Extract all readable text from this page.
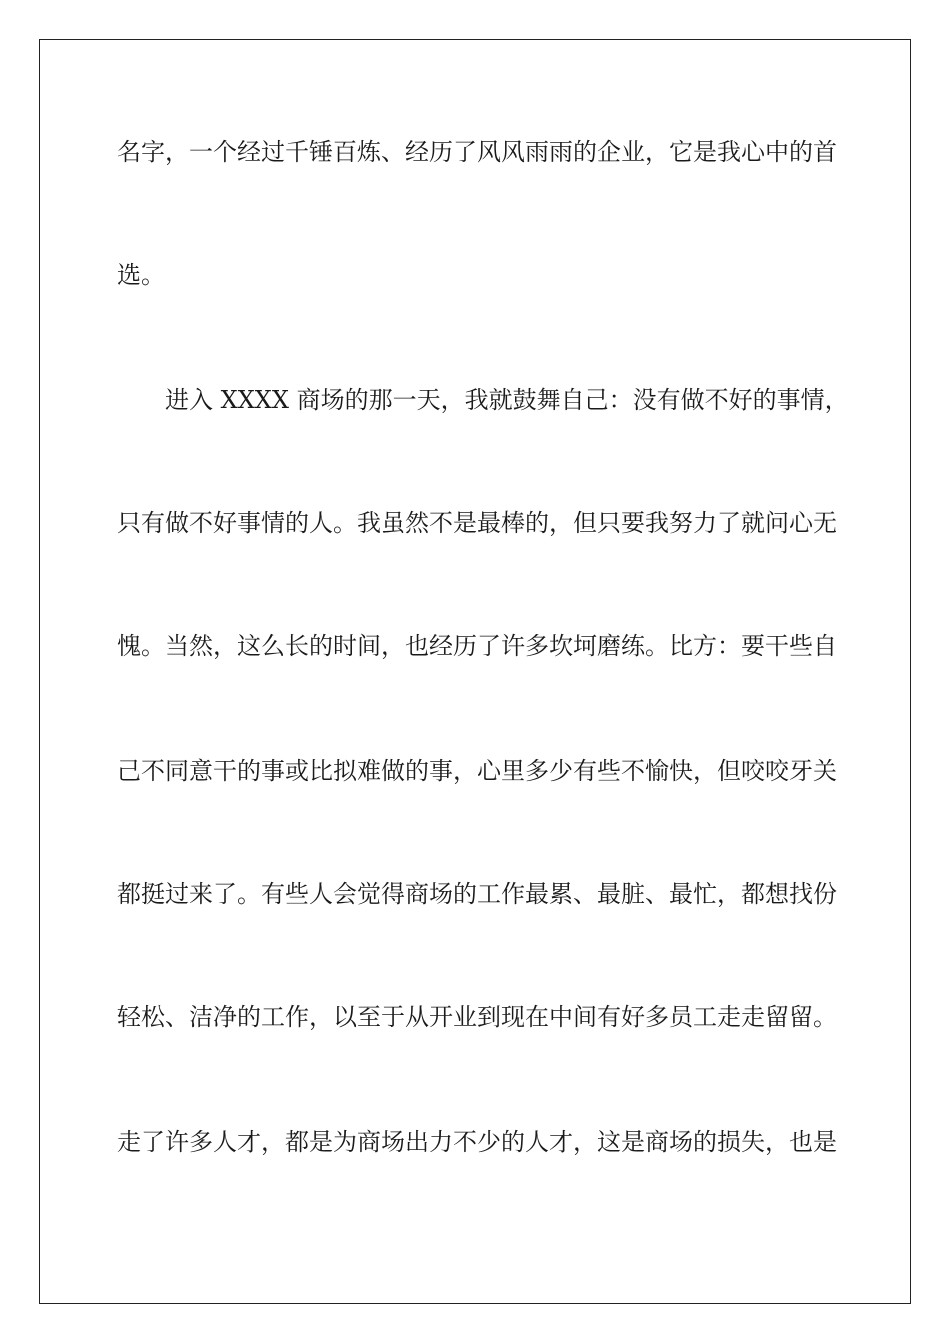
名字，一个经过千锤百炼、经历了风风雨雨的企业，它是我心中的首

选。

进入 XXXX 商场的那一天，我就鼓舞自己：没有做不好的事情，

只有做不好事情的人。我虽然不是最棒的，但只要我努力了就问心无

愧。当然，这么长的时间，也经历了许多坎坷磨练。比方：要干些自

己不同意干的事或比拟难做的事，心里多少有些不愉快，但咬咬牙关

都挺过来了。有些人会觉得商场的工作最累、最脏、最忙，都想找份

轻松、洁净的工作，以至于从开业到现在中间有好多员工走走留留。

走了许多人才，都是为商场出力不少的人才，这是商场的损失，也是
